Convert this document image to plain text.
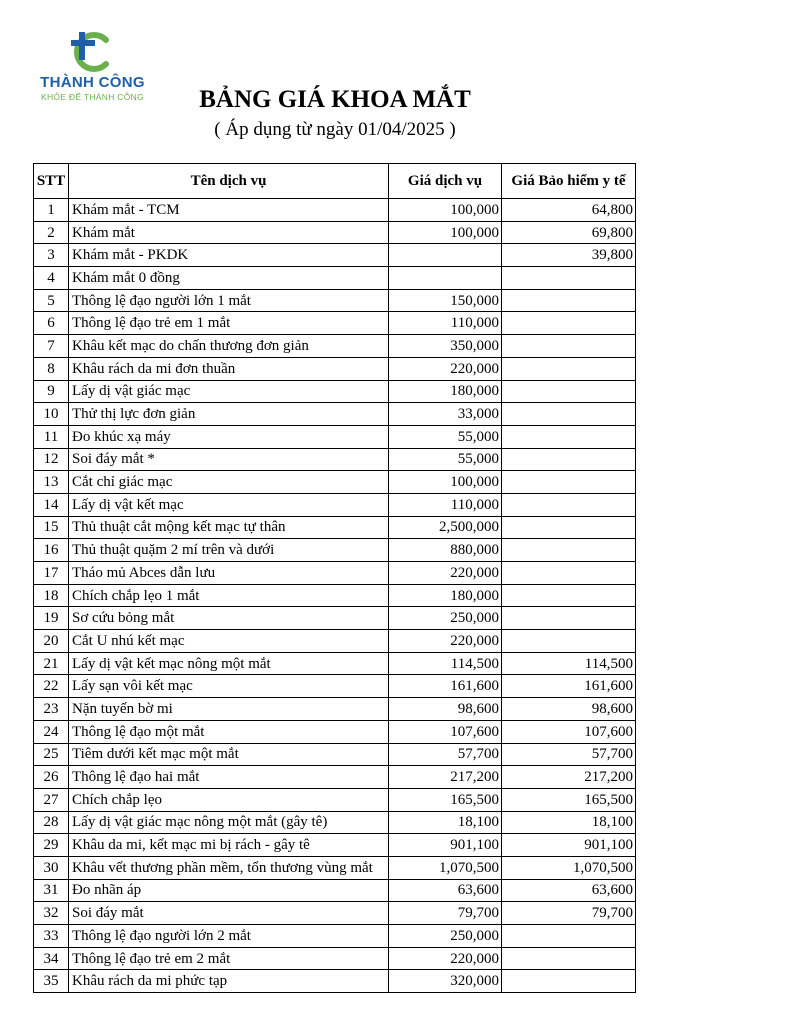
THÀNH CÔNG
KHỎE ĐỂ THÀNH CÔNG	BẢNG GIÁ KHOA MẮT
( Áp dụng từ ngày 01/04/2025 )
STT	Tên dịch vụ	Giá dịch vụ	Giá Bảo hiểm y tế
1	Khám mắt - TCM	100,000	64,800
2	Khám mắt	100,000	69,800
3	Khám mắt - PKDK		39,800
4	Khám mắt 0 đồng		
5	Thông lệ đạo người lớn 1 mắt	150,000	
6	Thông lệ đạo trẻ em 1 mắt	110,000	
7	Khâu kết mạc do chấn thương đơn giản	350,000	
8	Khâu rách da mi đơn thuần	220,000	
9	Lấy dị vật giác mạc	180,000	
10	Thử thị lực đơn giản	33,000	
11	Đo khúc xạ máy	55,000	
12	Soi đáy mắt *	55,000	
13	Cắt chỉ giác mạc	100,000	
14	Lấy dị vật kết mạc	110,000	
15	Thủ thuật cắt mộng kết mạc tự thân	2,500,000	
16	Thủ thuật quặm 2 mí trên và dưới	880,000	
17	Tháo mủ Abces dẫn lưu	220,000	
18	Chích chắp lẹo 1 mắt	180,000	
19	Sơ cứu bỏng mắt	250,000	
20	Cắt U nhú kết mạc	220,000	
21	Lấy dị vật kết mạc nông một mắt	114,500	114,500
22	Lấy sạn vôi kết mạc	161,600	161,600
23	Nặn tuyến bờ mi	98,600	98,600
24	Thông lệ đạo một mắt	107,600	107,600
25	Tiêm dưới kết mạc một mắt	57,700	57,700
26	Thông lệ đạo hai mắt	217,200	217,200
27	Chích chắp lẹo	165,500	165,500
28	Lấy dị vật giác mạc nông một mắt (gây tê)	18,100	18,100
29	Khâu da mi, kết mạc mi bị rách - gây tê	901,100	901,100
30	Khâu vết thương phần mềm, tổn thương vùng mắt	1,070,500	1,070,500
31	Đo nhãn áp	63,600	63,600
32	Soi đáy mắt	79,700	79,700
33	Thông lệ đạo người lớn 2 mắt	250,000	
34	Thông lệ đạo trẻ em 2 mắt	220,000	
35	Khâu rách da mi phức tạp	320,000	
